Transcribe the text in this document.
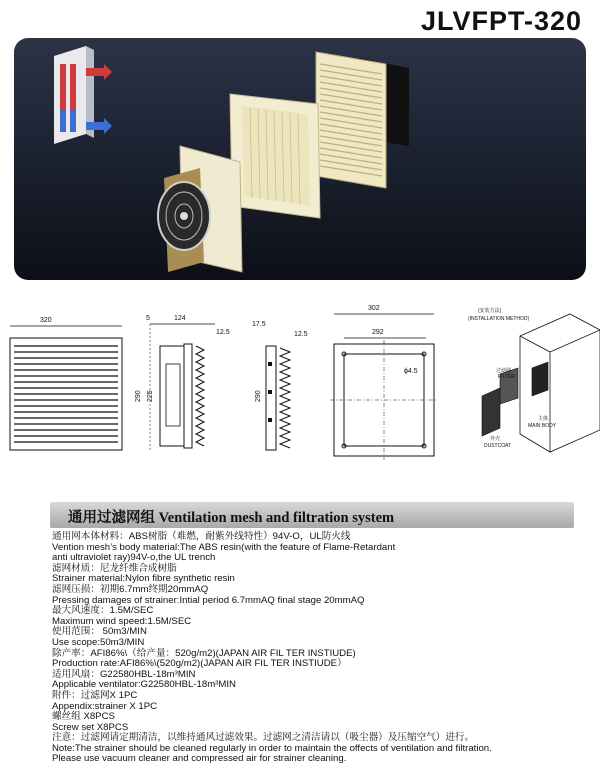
JLVFPT-320
320	5	124
12.5
290 225
17.5
12.5
290
302
292
ϕ4.5
(安装方法)
(INSTALLATION METHOD)
过滤网
FILTER
主体
MAIN BODY
外壳
DUSTCOAT
通用过滤网组 Ventilation mesh and filtration system
通用网本体材料：ABS树脂（难燃，耐紫外线特性）94V-O，UL防火线
Vention mesh’s body material:The ABS resin(with the feature of Flame-Retardant
anti ultraviolet ray)94V-o,the UL trench
滤网材质：尼龙纤维合成树脂
Strainer material:Nylon fibre synthetic resin
滤网压损：初期6.7mm终期20mmAQ
Pressing damages of strainer:Intial period 6.7mmAQ final stage 20mmAQ
最大风速度：1.5M/SEC
Maximum wind speed:1.5M/SEC
使用范围： 50m3/MIN
Use scope:50m3/MIN
除产率：AFI86%\（给产量：520g/m2)(JAPAN AIR FIL TER INSTIUDE)
Production rate:AFI86%\(520g/m2)(JAPAN AIR FIL TER INSTIUDE）
适用风扇：G22580HBL-18m³MIN
Applicable ventilator:G22580HBL-18m³MIN
附件：过滤网X 1PC
Appendix:strainer X 1PC
螺丝组 X8PCS
Screw set X8PCS
注意：过滤网请定期清洁，以维持通风过滤效果。过滤网之清洁请以（吸尘器）及压缩空气）进行。
Note:The strainer should be cleaned regularly in order to maintain the offects of ventilation and filtration.
Please use vacuum cleaner and compressed air for strainer cleaning.
